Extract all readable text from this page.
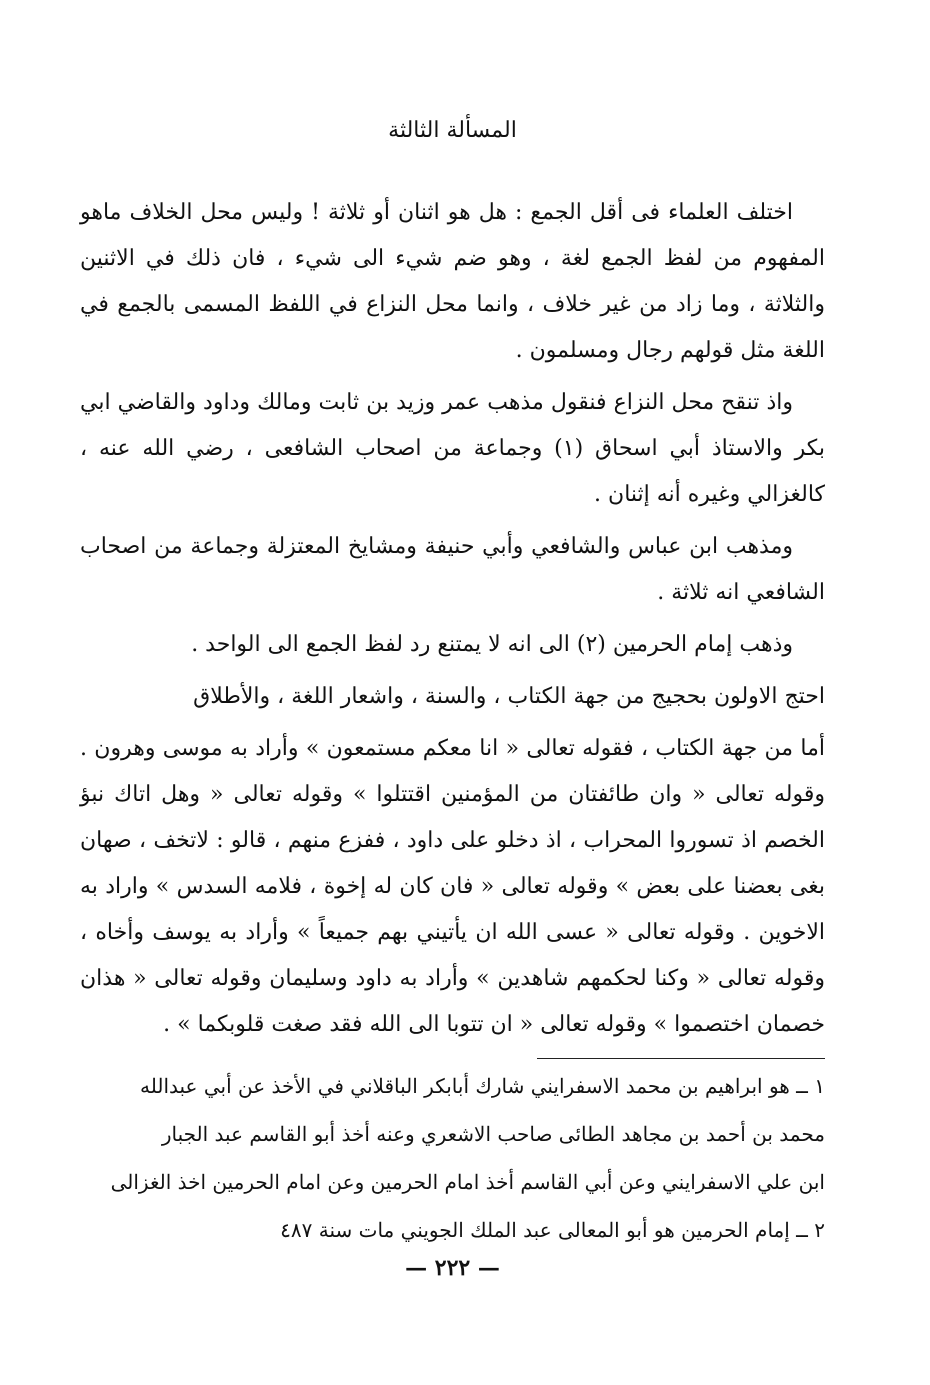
المسألة الثالثة

اختلف العلماء فى أقل الجمع : هل هو اثنان أو ثلاثة ! وليس محل الخلاف ماهو المفهوم من لفظ الجمع لغة ، وهو ضم شيء الى شيء ، فان ذلك في الاثنين والثلاثة ، وما زاد من غير خلاف ، وانما محل النزاع في اللفظ المسمى بالجمع في اللغة مثل قولهم رجال ومسلمون .

واذ تنقح محل النزاع فنقول مذهب عمر وزيد بن ثابت ومالك وداود والقاضي ابي بكر والاستاذ أبي اسحاق (١) وجماعة من اصحاب الشافعى ، رضي الله عنه ، كالغزالي وغيره أنه إثنان .

ومذهب ابن عباس والشافعي وأبي حنيفة ومشايخ المعتزلة وجماعة من اصحاب الشافعي انه ثلاثة .

وذهب إمام الحرمين (٢) الى انه لا يمتنع رد لفظ الجمع الى الواحد .

احتج الاولون بحجيج من جهة الكتاب ، والسنة ، واشعار اللغة ، والأطلاق

أما من جهة الكتاب ، فقوله تعالى « انا معكم مستمعون » وأراد به موسى وهرون . وقوله تعالى « وان طائفتان من المؤمنين اقتتلوا » وقوله تعالى « وهل اتاك نبؤ الخصم اذ تسوروا المحراب ، اذ دخلو على داود ، ففزع منهم ، قالو : لاتخف ، صهان بغى بعضنا على بعض » وقوله تعالى « فان كان له إخوة ، فلامه السدس » واراد به الاخوين . وقوله تعالى « عسى الله ان يأتيني بهم جميعاً » وأراد به يوسف وأخاه ، وقوله تعالى « وكنا لحكمهم شاهدين » وأراد به داود وسليمان وقوله تعالى « هذان خصمان اختصموا » وقوله تعالى « ان تتوبا الى الله فقد صغت قلوبكما » .

١ ــ هو ابراهيم بن محمد الاسفرايني شارك أبابكر الباقلاني في الأخذ عن أبي عبدالله

محمد بن أحمد بن مجاهد الطائى صاحب الاشعري وعنه أخذ أبو القاسم عبد الجبار

ابن علي الاسفرايني وعن أبي القاسم أخذ امام الحرمين وعن امام الحرمين اخذ الغزالى

٢ ــ إمام الحرمين هو أبو المعالى عبد الملك الجويني مات سنة ٤٨٧

— ٢٢٢ —
